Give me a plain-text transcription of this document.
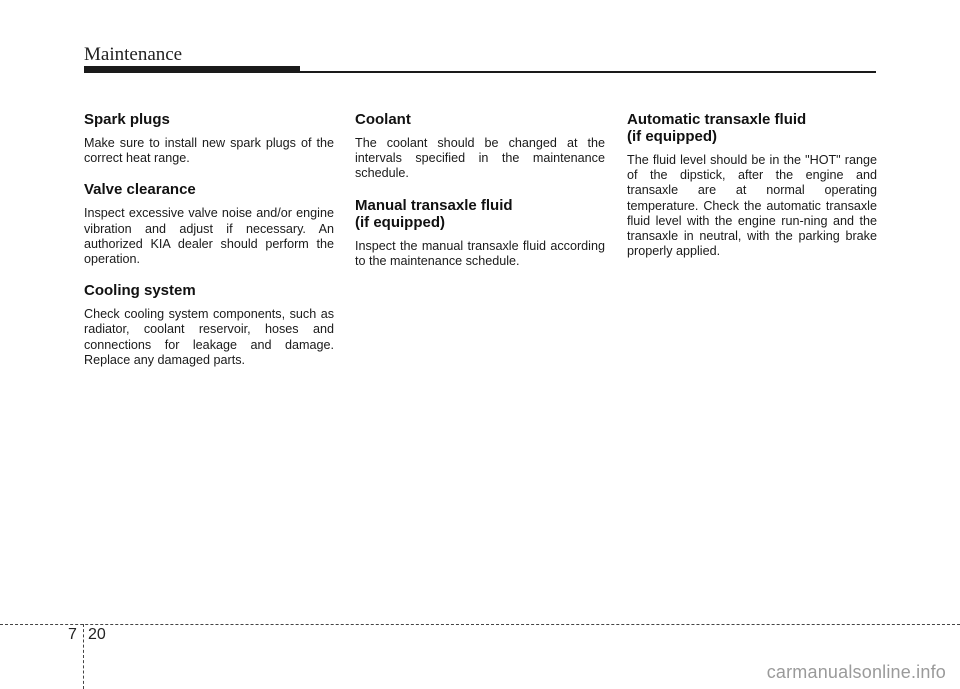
Maintenance
Spark plugs

Make sure to install new spark plugs of the correct heat range.

Valve clearance

Inspect excessive valve noise and/or engine vibration and adjust if necessary. An authorized KIA dealer should perform the operation.

Cooling system

Check cooling system components, such as radiator, coolant reservoir, hoses and connections for leakage and damage. Replace any damaged parts.

Coolant

The coolant should be changed at the intervals specified in the maintenance schedule.

Manual transaxle fluid
(if equipped)

Inspect the manual transaxle fluid according to the maintenance schedule.

Automatic transaxle fluid
(if equipped)

The fluid level should be in the "HOT" range of the dipstick, after the engine and transaxle are at normal operating temperature. Check the automatic transaxle fluid level with the engine run-ning and the transaxle in neutral, with the parking brake properly applied.

7 20
carmanualsonline.info
